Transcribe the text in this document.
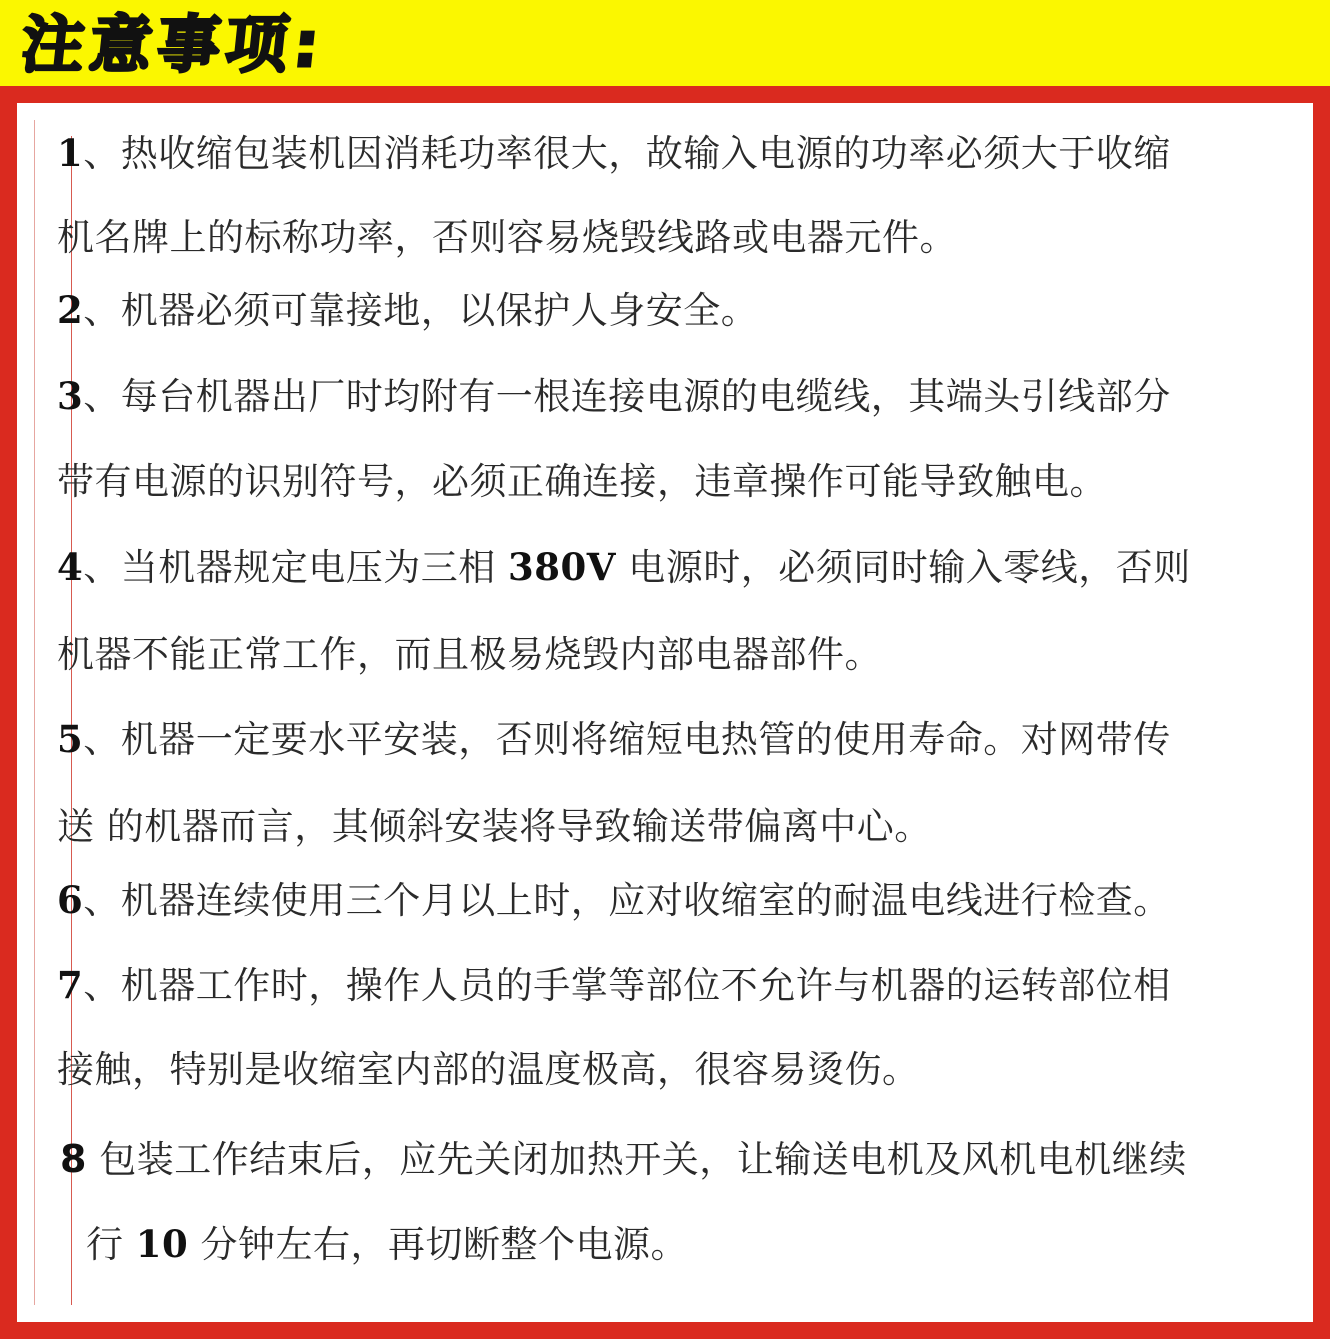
注意事项:
1、热收缩包装机因消耗功率很大，故输入电源的功率必须大于收缩
机名牌上的标称功率，否则容易烧毁线路或电器元件。
2、机器必须可靠接地，以保护人身安全。
3、每台机器出厂时均附有一根连接电源的电缆线，其端头引线部分
带有电源的识别符号，必须正确连接，违章操作可能导致触电。
4、当机器规定电压为三相 380V 电源时，必须同时输入零线，否则
机器不能正常工作，而且极易烧毁内部电器部件。
5、机器一定要水平安装，否则将缩短电热管的使用寿命。对网带传
送 的机器而言，其倾斜安装将导致输送带偏离中心。
6、机器连续使用三个月以上时，应对收缩室的耐温电线进行检查。
7、机器工作时，操作人员的手掌等部位不允许与机器的运转部位相
接触，特别是收缩室内部的温度极高，很容易烫伤。
8 包装工作结束后，应先关闭加热开关，让输送电机及风机电机继续
行 10 分钟左右，再切断整个电源。
